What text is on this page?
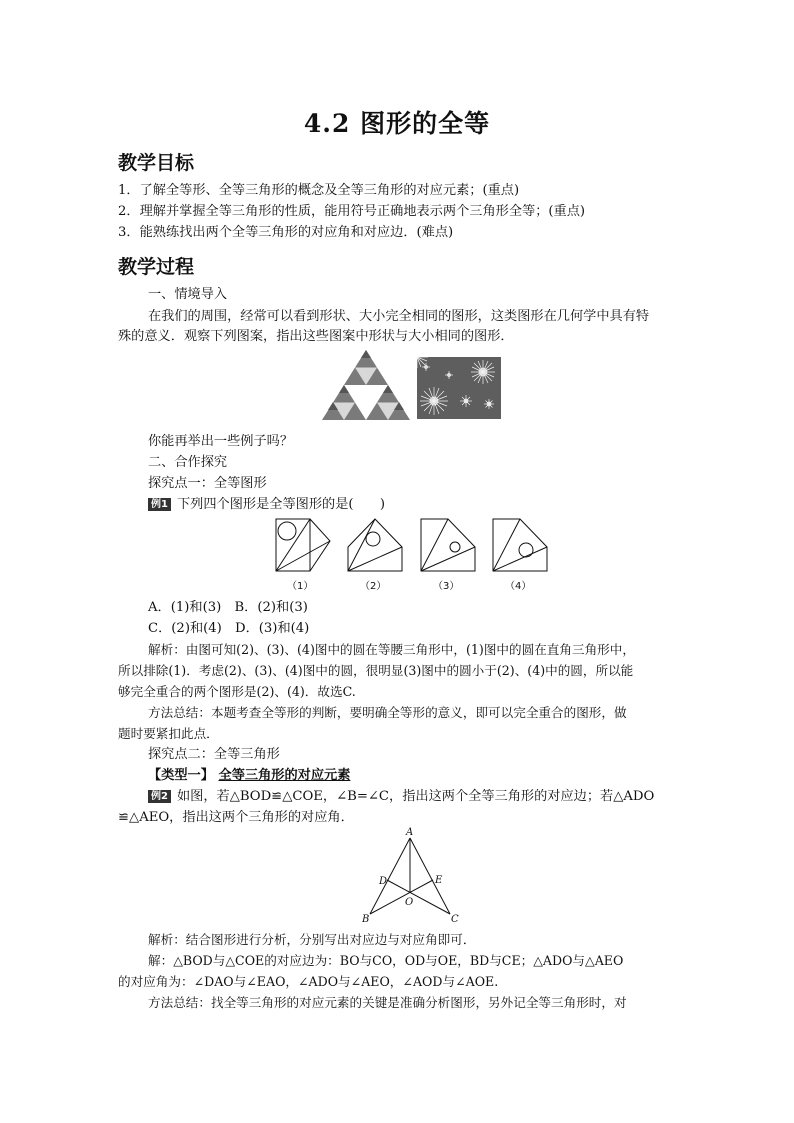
4.2 图形的全等
教学目标
1．了解全等形、全等三角形的概念及全等三角形的对应元素；(重点)
2．理解并掌握全等三角形的性质，能用符号正确地表示两个三角形全等；(重点)
3．能熟练找出两个全等三角形的对应角和对应边．(难点)
教学过程
一、情境导入
在我们的周围，经常可以看到形状、大小完全相同的图形，这类图形在几何学中具有特
殊的意义．观察下列图案，指出这些图案中形状与大小相同的图形．
你能再举出一些例子吗？
二、合作探究
探究点一：全等图形
例1 下列四个图形是全等图形的是(　　)
（1）	（2）	（3）	（4）
A．(1)和(3)　B．(2)和(3)
C．(2)和(4)　D．(3)和(4)
解析：由图可知(2)、(3)、(4)图中的圆在等腰三角形中，(1)图中的圆在直角三角形中，
所以排除(1)．考虑(2)、(3)、(4)图中的圆，很明显(3)图中的圆小于(2)、(4)中的圆，所以能
够完全重合的两个图形是(2)、(4)．故选C.
方法总结：本题考查全等形的判断，要明确全等形的意义，即可以完全重合的图形，做
题时要紧扣此点．
探究点二：全等三角形
【类型一】 全等三角形的对应元素
例2 如图，若△BOD≌△COE，∠B=∠C，指出这两个全等三角形的对应边；若△ADO
≌△AEO，指出这两个三角形的对应角．
A
D	E
O
B	C
解析：结合图形进行分析，分别写出对应边与对应角即可．
解：△BOD与△COE的对应边为：BO与CO，OD与OE，BD与CE；△ADO与△AEO
的对应角为：∠DAO与∠EAO，∠ADO与∠AEO，∠AOD与∠AOE.
方法总结：找全等三角形的对应元素的关键是准确分析图形，另外记全等三角形时，对
